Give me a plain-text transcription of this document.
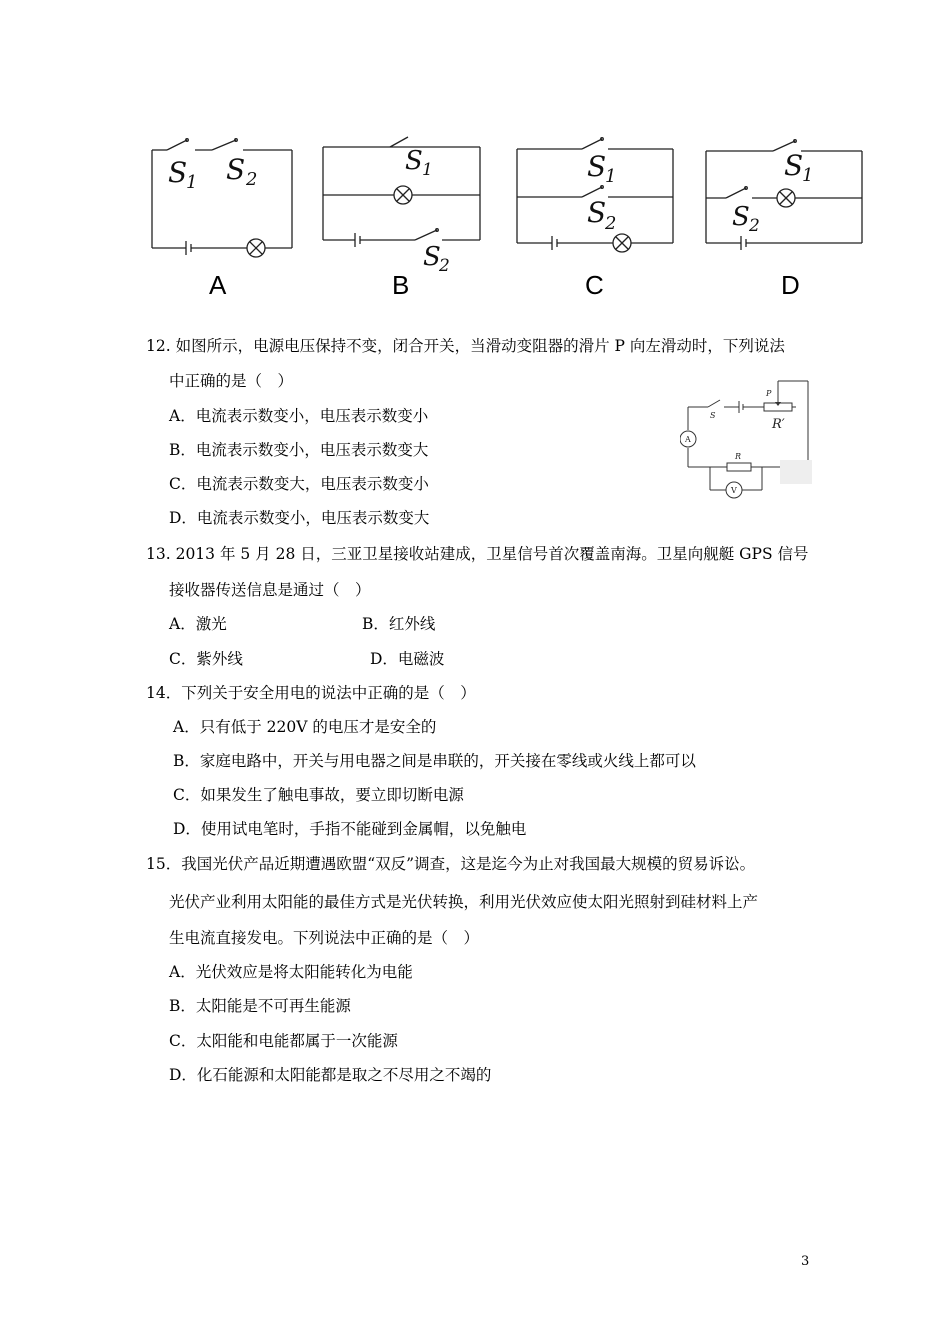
S
1 S 2
S 1
S
2
S
1
S
2
S
1
S 2
A	B	C	D
12. 如图所示，电源电压保持不变，闭合开关，当滑动变阻器的滑片 P 向左滑动时，下列说法
中正确的是（　）
A．电流表示数变小，电压表示数变小
B．电流表示数变小，电压表示数变大
C．电流表示数变大，电压表示数变小
D．电流表示数变小，电压表示数变大
P
R′
R
S
A
V
13. 2013 年 5 月 28 日，三亚卫星接收站建成，卫星信号首次覆盖南海。卫星向舰艇 GPS 信号
接收器传送信息是通过（　）
A．激光	B．红外线
C．紫外线	D．电磁波
14．下列关于安全用电的说法中正确的是（　）
A．只有低于 220V 的电压才是安全的
B．家庭电路中，开关与用电器之间是串联的，开关接在零线或火线上都可以
C．如果发生了触电事故，要立即切断电源
D．使用试电笔时，手指不能碰到金属帽，以免触电
15．我国光伏产品近期遭遇欧盟“双反”调查，这是迄今为止对我国最大规模的贸易诉讼。
光伏产业利用太阳能的最佳方式是光伏转换，利用光伏效应使太阳光照射到硅材料上产
生电流直接发电。下列说法中正确的是（　）
A．光伏效应是将太阳能转化为电能
B．太阳能是不可再生能源
C．太阳能和电能都属于一次能源
D．化石能源和太阳能都是取之不尽用之不竭的
3
